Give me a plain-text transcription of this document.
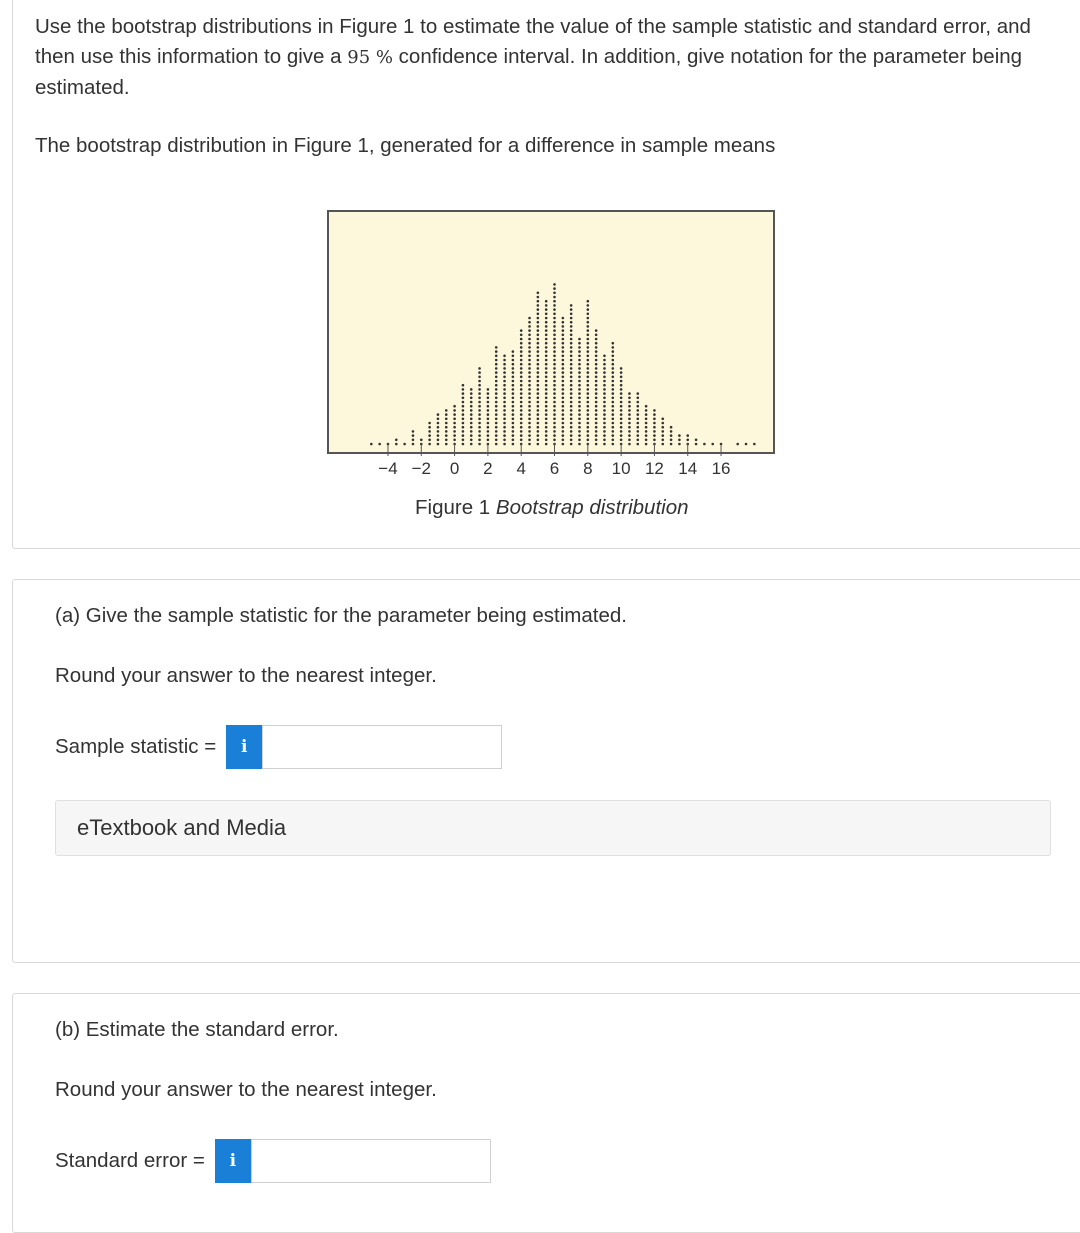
Use the bootstrap distributions in Figure 1 to estimate the value of the sample statistic and standard error, and then use this information to give a 95 % confidence interval. In addition, give notation for the parameter being estimated.
The bootstrap distribution in Figure 1, generated for a difference in sample means
Figure 1 Bootstrap distribution
−4 −2 0 2 4 6 8 10 12 14 16
(a) Give the sample statistic for the parameter being estimated.
Round your answer to the nearest integer.
Sample statistic =	i
eTextbook and Media
(b) Estimate the standard error.
Round your answer to the nearest integer.
Standard error =	i
